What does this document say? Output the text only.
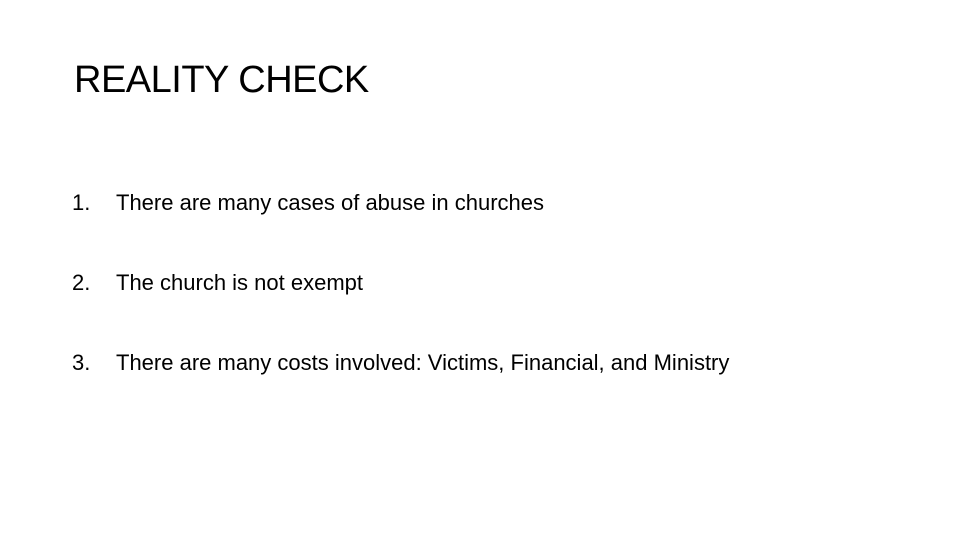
REALITY CHECK
1. There are many cases of abuse in churches
2. The church is not exempt
3. There are many costs involved: Victims, Financial, and Ministry
